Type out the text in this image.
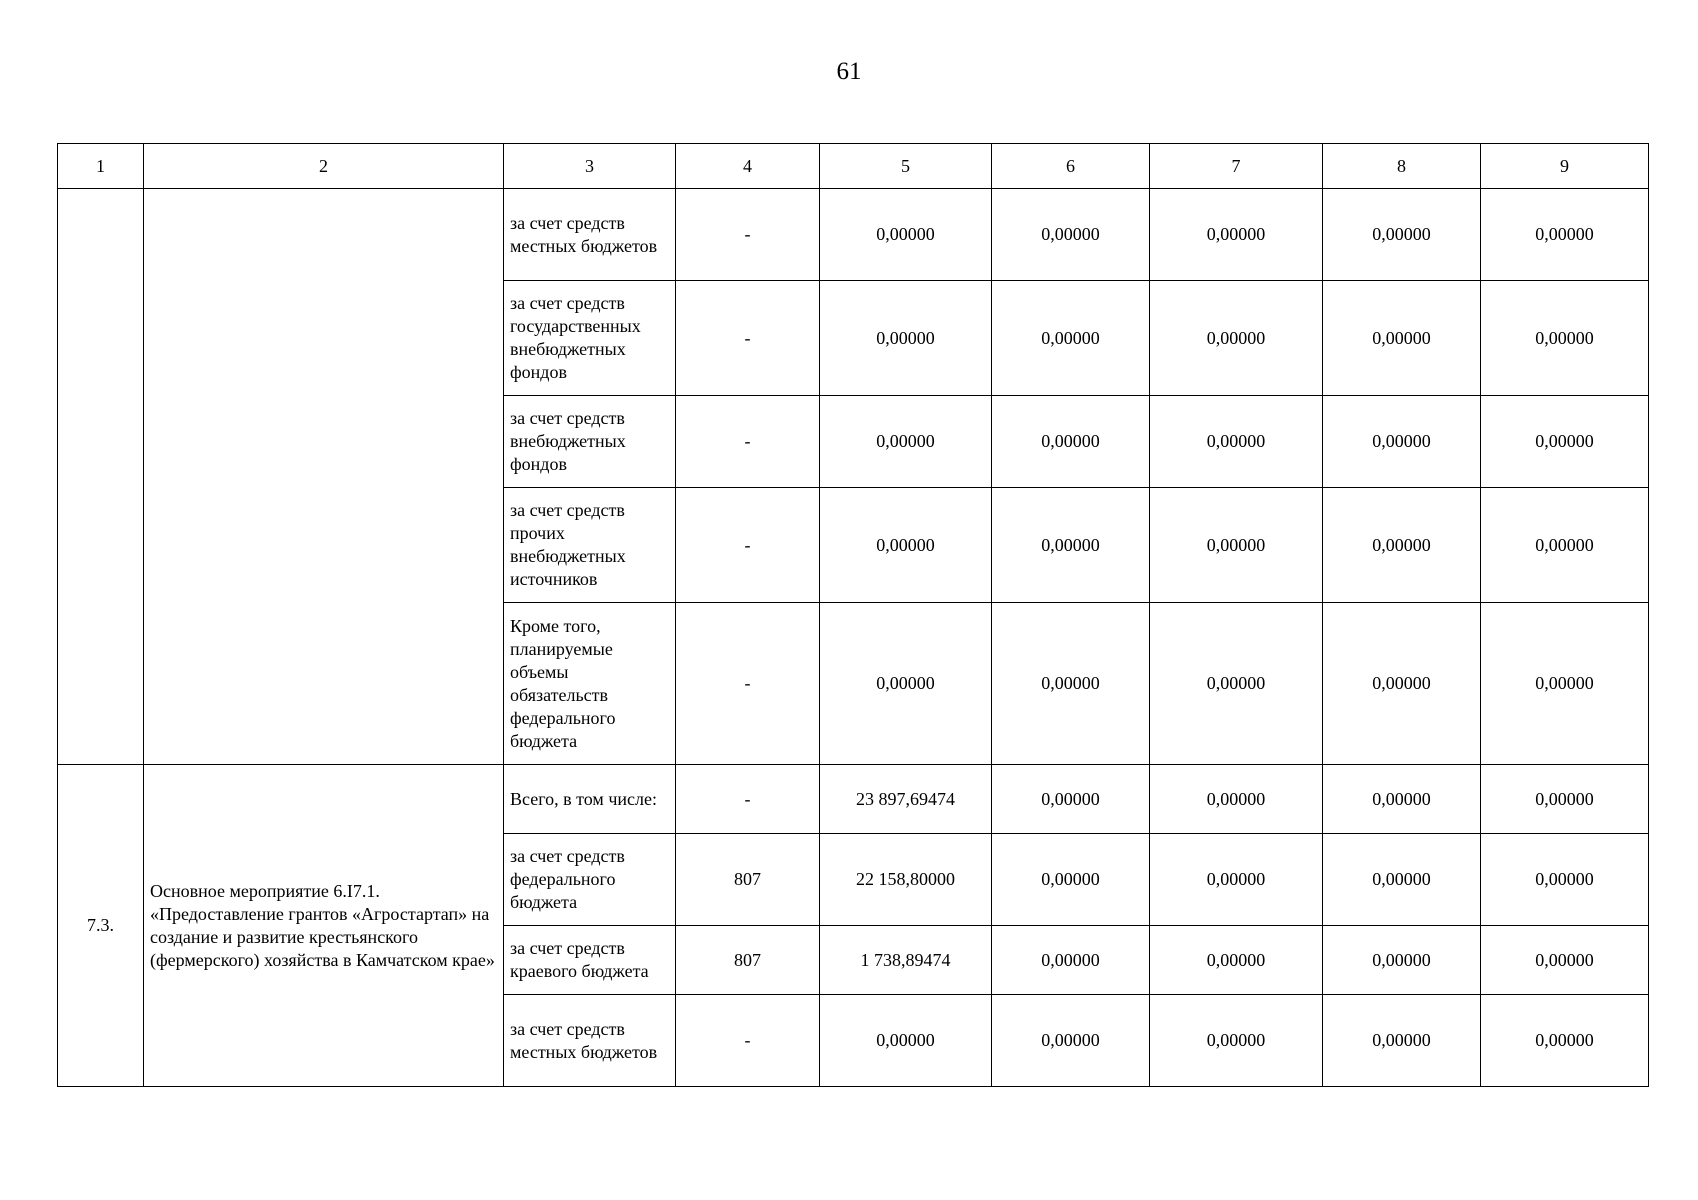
61
1	2	3	4	5	6	7	8	9
		за счет средств местных бюджетов	-	0,00000	0,00000	0,00000	0,00000	0,00000
		за счет средств государственных внебюджетных фондов	-	0,00000	0,00000	0,00000	0,00000	0,00000
		за счет средств внебюджетных фондов	-	0,00000	0,00000	0,00000	0,00000	0,00000
		за счет средств прочих внебюджетных источников	-	0,00000	0,00000	0,00000	0,00000	0,00000
		Кроме того, планируемые объемы обязательств федерального бюджета	-	0,00000	0,00000	0,00000	0,00000	0,00000
7.3.	Основное мероприятие 6.I7.1. «Предоставление грантов «Агростартап» на создание и развитие крестьянского (фермерского) хозяйства в Камчатском крае»	Всего, в том числе:	-	23 897,69474	0,00000	0,00000	0,00000	0,00000
		за счет средств федерального бюджета	807	22 158,80000	0,00000	0,00000	0,00000	0,00000
		за счет средств краевого бюджета	807	1 738,89474	0,00000	0,00000	0,00000	0,00000
		за счет средств местных бюджетов	-	0,00000	0,00000	0,00000	0,00000	0,00000
